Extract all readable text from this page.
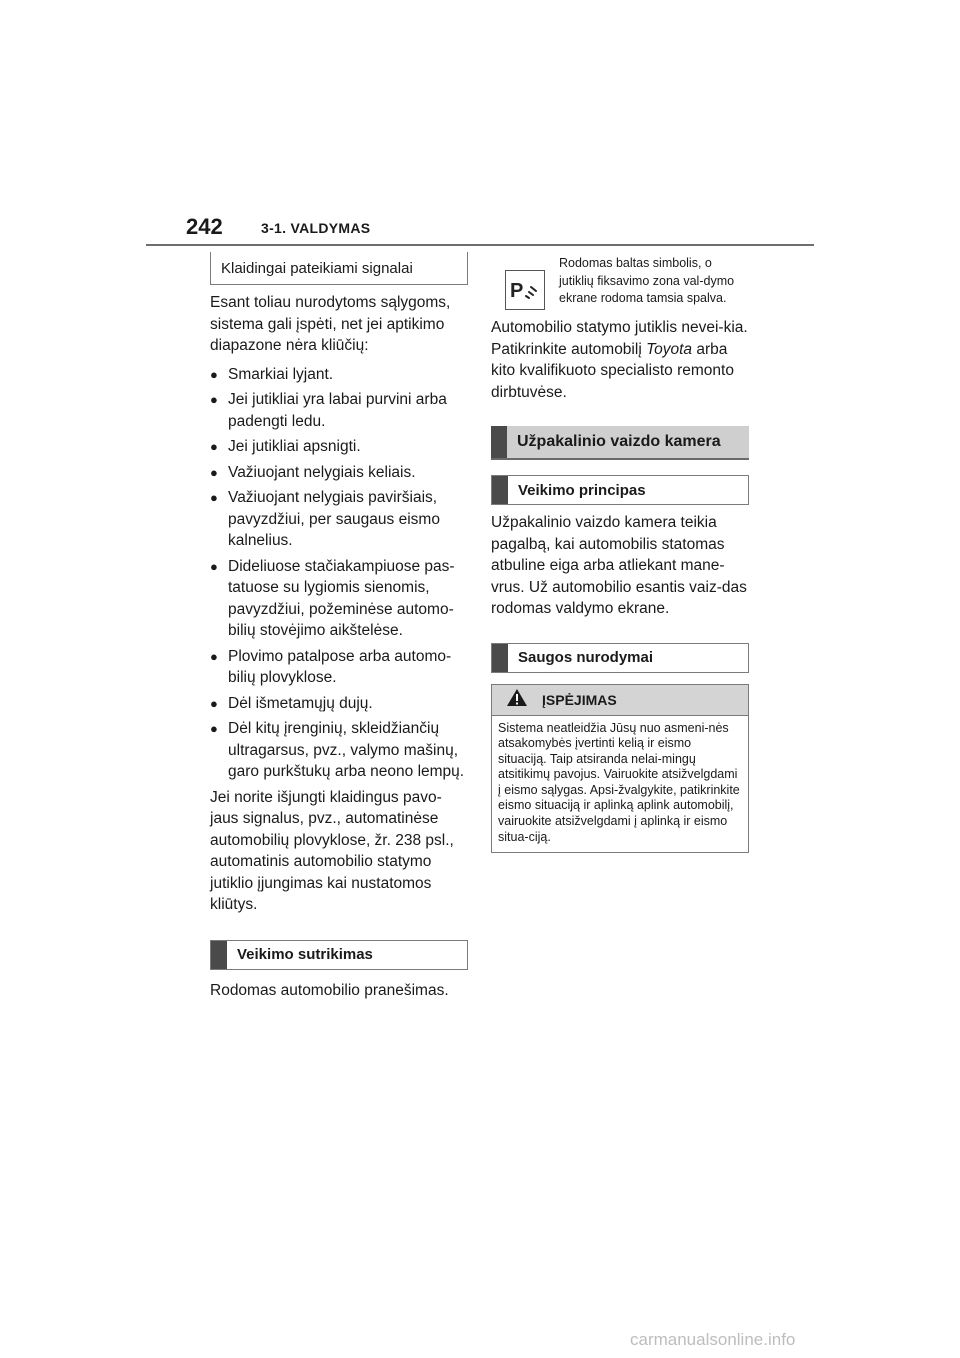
242	3-1. VALDYMAS
Klaidingai pateikiami signalai

Esant toliau nurodytoms sąlygoms, sistema gali įspėti, net jei aptikimo diapazone nėra kliūčių:

●
Smarkiai lyjant.
●
Jei jutikliai yra labai purvini arba padengti ledu.
●
Jei jutikliai apsnigti.
●
Važiuojant nelygiais keliais.
●
Važiuojant nelygiais paviršiais, pavyzdžiui, per saugaus eismo kalnelius.
●
Dideliuose stačiakampiuose pas-tatuose su lygiomis sienomis, pavyzdžiui, požeminėse automo-bilių stovėjimo aikštelėse.
●
Plovimo patalpose arba automo-bilių plovyklose.
●
Dėl išmetamųjų dujų.
●
Dėl kitų įrenginių, skleidžiančių ultragarsus, pvz., valymo mašinų, garo purkštukų arba neono lempų.

Jei norite išjungti klaidingus pavo-jaus signalus, pvz., automatinėse automobilių plovyklose, žr. 238 psl., automatinis automobilio statymo jutiklio įjungimas kai nustatomos kliūtys.

Veikimo sutrikimas

Rodomas automobilio pranešimas.

P

Rodomas baltas simbolis, o jutiklių fiksavimo zona val-dymo ekrane rodoma tamsia spalva.

Automobilio statymo jutiklis nevei-kia. Patikrinkite automobilį Toyota arba kito kvalifikuoto specialisto remonto dirbtuvėse.

Užpakalinio vaizdo kamera
Veikimo principas

Užpakalinio vaizdo kamera teikia pagalbą, kai automobilis statomas atbuline eiga arba atliekant mane-vrus. Už automobilio esantis vaiz-das rodomas valdymo ekrane.

Saugos nurodymai
ĮSPĖJIMAS
Sistema neatleidžia Jūsų nuo asmeni-nės atsakomybės įvertinti kelią ir eismo situaciją. Taip atsiranda nelai-mingų atsitikimų pavojus. Vairuokite atsižvelgdami į eismo sąlygas. Apsi-žvalgykite, patikrinkite eismo situaciją ir aplinką aplink automobilį, vairuokite atsižvelgdami į aplinką ir eismo situa-ciją.
carmanualsonline.info
